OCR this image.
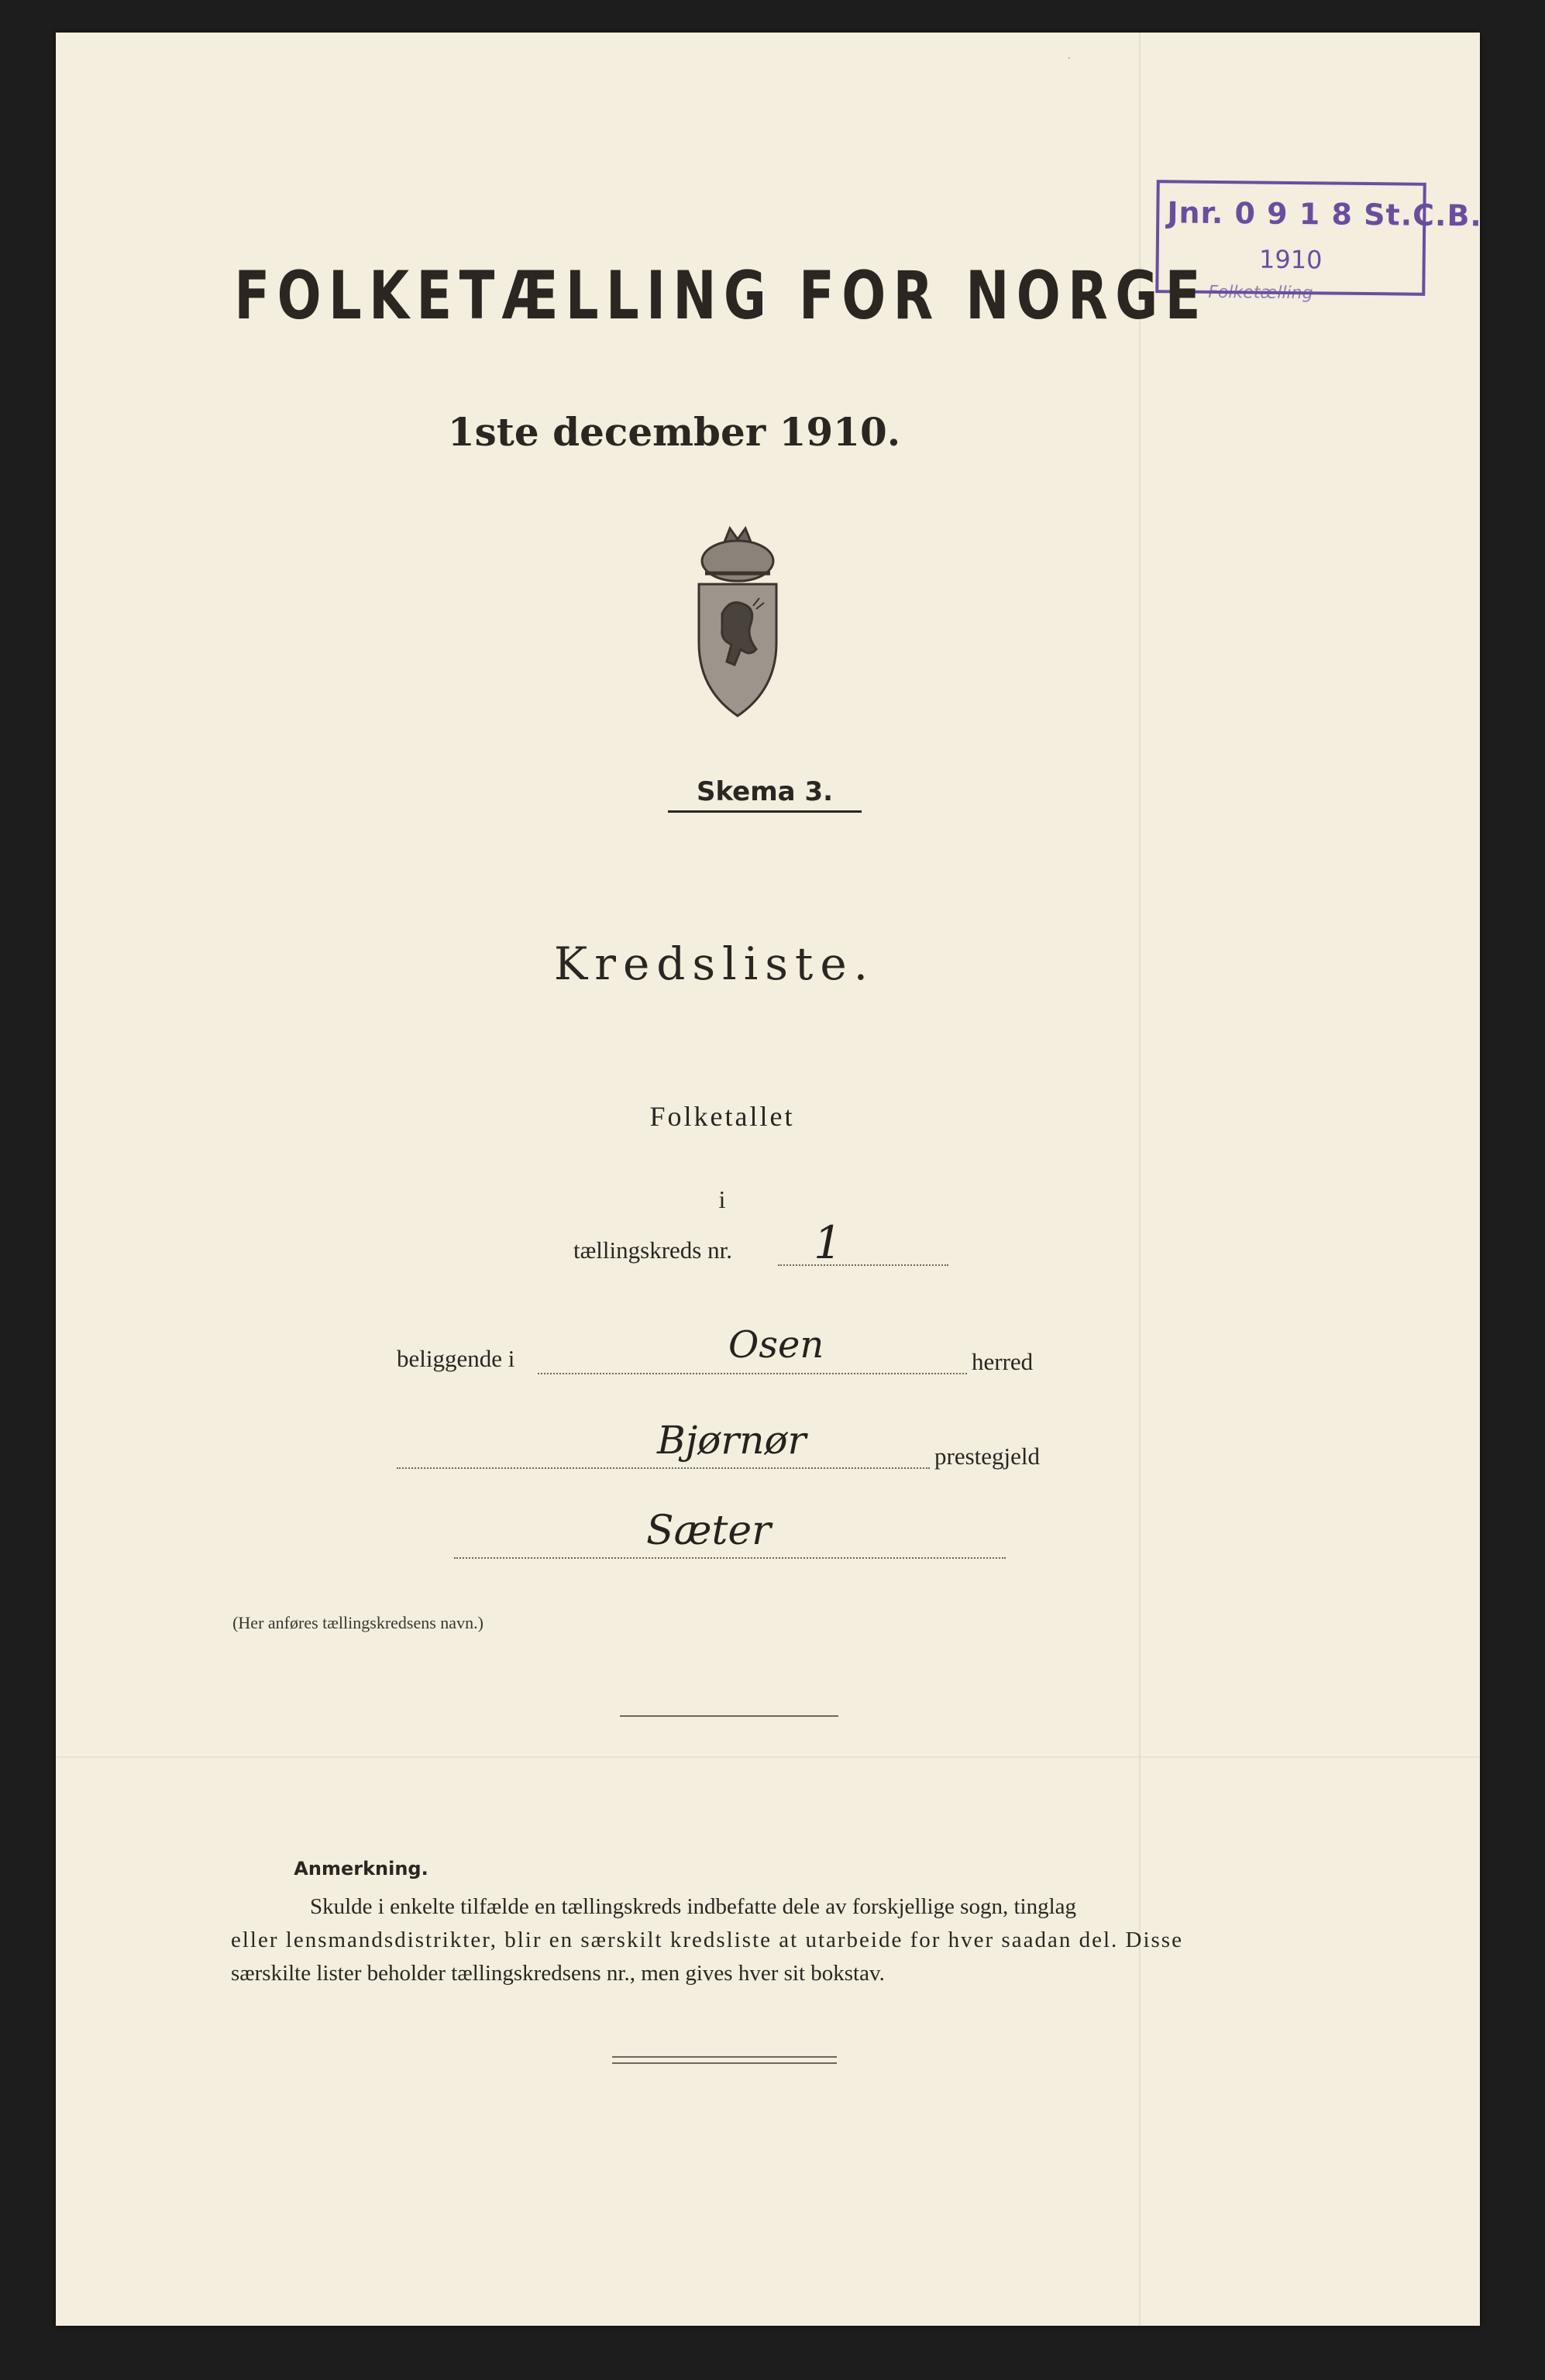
·
Jnr. 0 9 1 8 St.C.B.
1910
Folketælling
FOLKETÆLLING FOR NORGE
1ste december 1910.
Skema 3.
Kredsliste.
Folketallet
i
tællingskreds nr. 1
beliggende i	Osen	herred
Bjørnør	prestegjeld
Sæter
(Her anføres tællingskredsens navn.)
Anmerkning.
Skulde i enkelte tilfælde en tællingskreds indbefatte dele av forskjellige sogn, tinglag
eller lensmandsdistrikter, blir en særskilt kredsliste at utarbeide for hver saadan del. Disse
særskilte lister beholder tællingskredsens nr., men gives hver sit bokstav.
